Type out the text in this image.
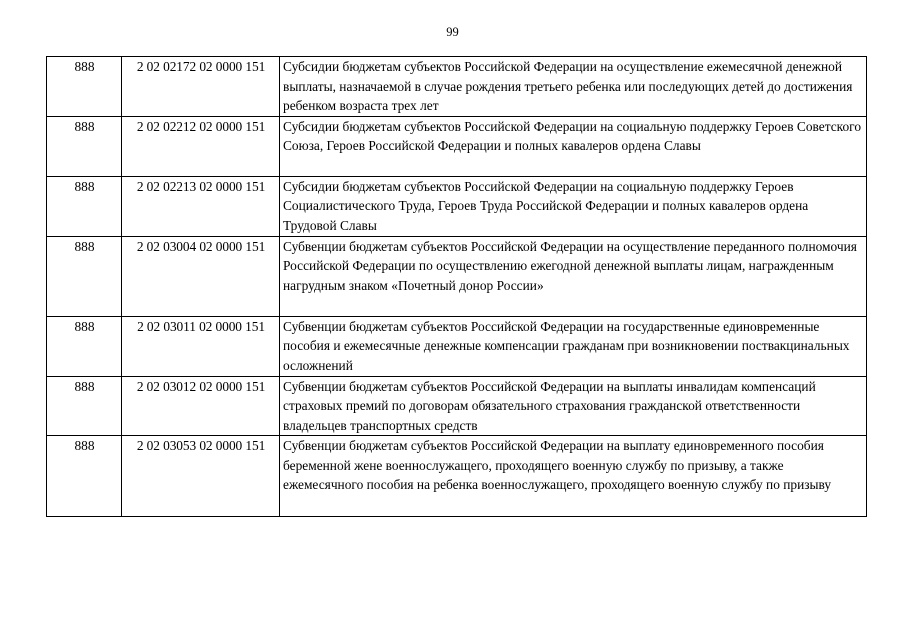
99
888	2 02 02172 02 0000 151	Субсидии бюджетам субъектов Российской Федерации на осуществление ежемесячной денежной выплаты, назначаемой в случае рождения третьего ребенка или последующих детей до достижения ребенком возраста трех лет
888	2 02 02212 02 0000 151	Субсидии бюджетам субъектов Российской Федерации на социальную поддержку Героев Советского Союза, Героев Российской Федерации и полных кавалеров ордена Славы
888	2 02 02213 02 0000 151	Субсидии бюджетам субъектов Российской Федерации на социальную поддержку Героев Социалистического Труда, Героев Труда Российской Федерации и полных кавалеров ордена Трудовой Славы
888	2 02 03004 02 0000 151	Субвенции бюджетам субъектов Российской Федерации на осуществление переданного полномочия Российской Федерации по осуществлению ежегодной денежной выплаты лицам, награжденным нагрудным знаком «Почетный донор России»
888	2 02 03011 02 0000 151	Субвенции бюджетам субъектов Российской Федерации на государственные единовременные пособия и ежемесячные денежные компенсации гражданам при возникновении поствакцинальных осложнений
888	2 02 03012 02 0000 151	Субвенции бюджетам субъектов Российской Федерации на выплаты инвалидам компенсаций страховых премий по договорам обязательного страхования гражданской ответственности владельцев транспортных средств
888	2 02 03053 02 0000 151	Субвенции бюджетам субъектов Российской Федерации на выплату единовременного пособия беременной жене военнослужащего, проходящего военную службу по призыву, а также ежемесячного пособия на ребенка военнослужащего, проходящего военную службу по призыву
